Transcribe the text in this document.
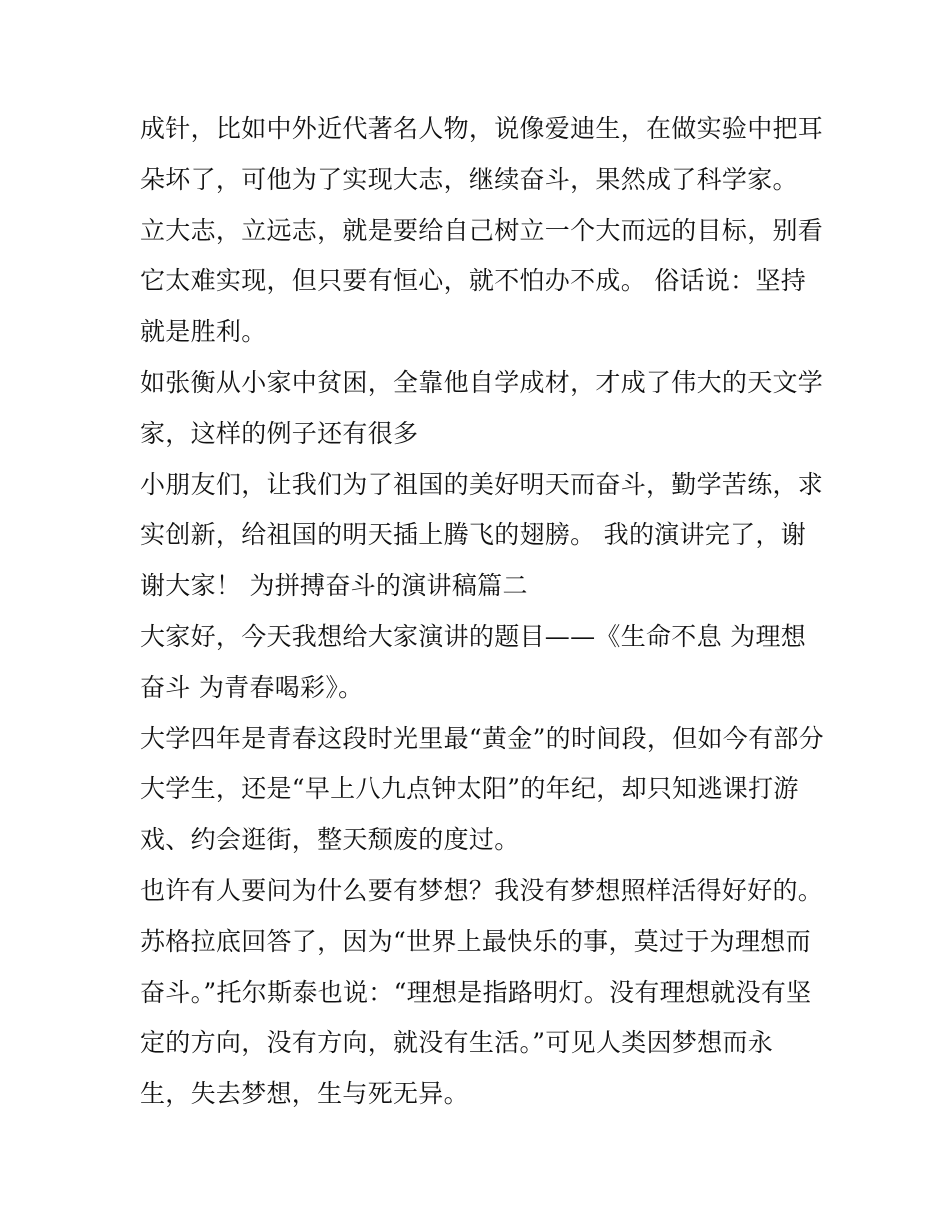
成针，比如中外近代著名人物，说像爱迪生，在做实验中把耳
朵坏了，可他为了实现大志，继续奋斗，果然成了科学家。
立大志，立远志，就是要给自己树立一个大而远的目标，别看
它太难实现，但只要有恒心，就不怕办不成。 俗话说：坚持
就是胜利。
如张衡从小家中贫困，全靠他自学成材，才成了伟大的天文学
家，这样的例子还有很多
小朋友们，让我们为了祖国的美好明天而奋斗，勤学苦练，求
实创新，给祖国的明天插上腾飞的翅膀。 我的演讲完了，谢
谢大家！ 为拼搏奋斗的演讲稿篇二
大家好，今天我想给大家演讲的题目——《生命不息 为理想
奋斗 为青春喝彩》。
大学四年是青春这段时光里最“黄金”的时间段，但如今有部分
大学生，还是“早上八九点钟太阳”的年纪，却只知逃课打游
戏、约会逛街，整天颓废的度过。
也许有人要问为什么要有梦想？我没有梦想照样活得好好的。
苏格拉底回答了，因为“世界上最快乐的事，莫过于为理想而
奋斗。”托尔斯泰也说：“理想是指路明灯。没有理想就没有坚
定的方向，没有方向，就没有生活。”可见人类因梦想而永
生，失去梦想，生与死无异。
